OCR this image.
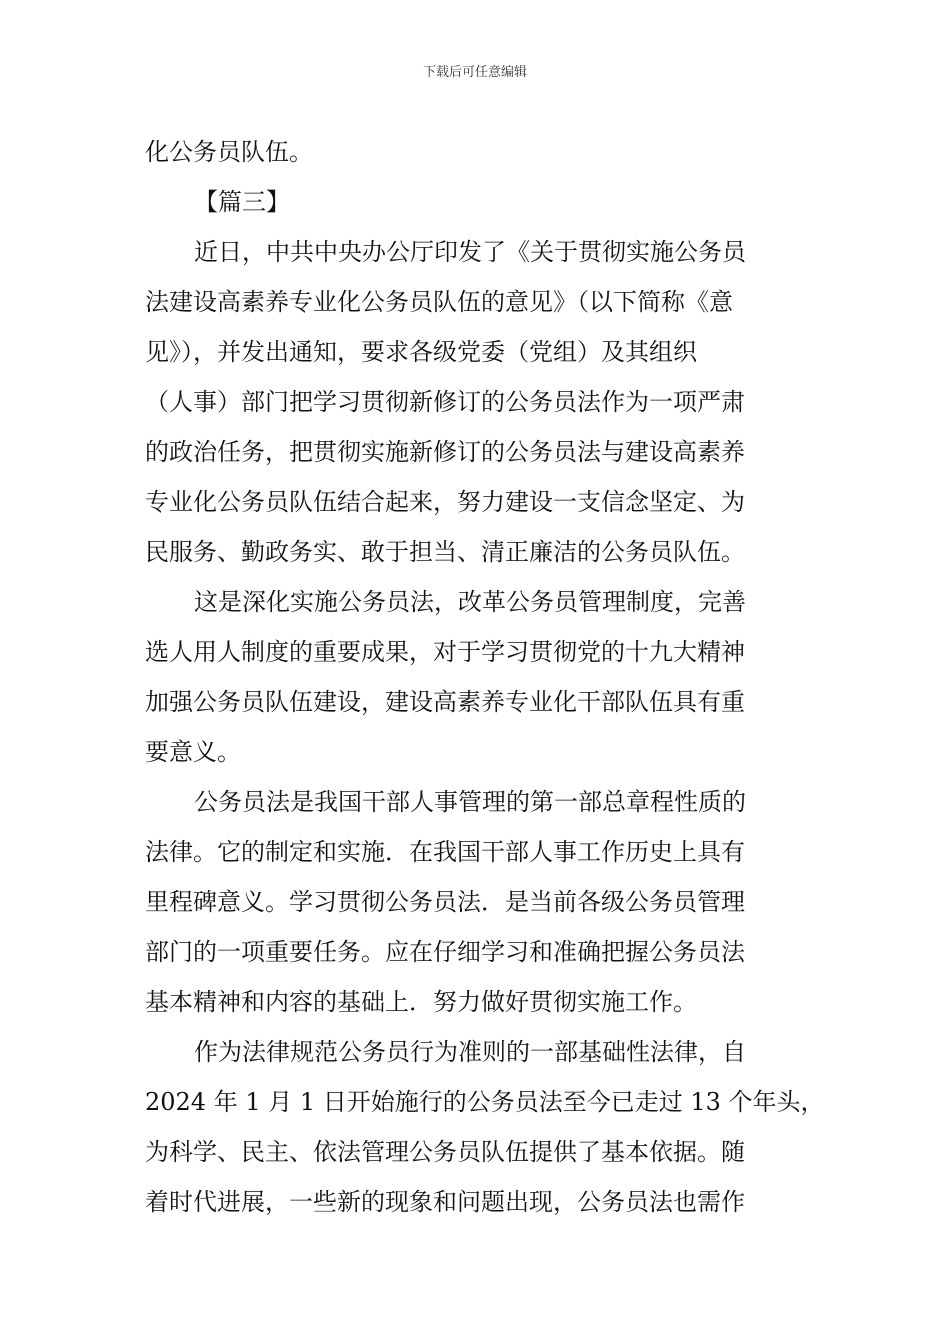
下载后可任意编辑
化公务员队伍。
【篇三】
近日，中共中央办公厅印发了《关于贯彻实施公务员
法建设高素养专业化公务员队伍的意见》（以下简称《意
见》），并发出通知，要求各级党委（党组）及其组织
（人事）部门把学习贯彻新修订的公务员法作为一项严肃
的政治任务，把贯彻实施新修订的公务员法与建设高素养
专业化公务员队伍结合起来，努力建设一支信念坚定、为
民服务、勤政务实、敢于担当、清正廉洁的公务员队伍。
这是深化实施公务员法，改革公务员管理制度，完善
选人用人制度的重要成果，对于学习贯彻党的十九大精神
加强公务员队伍建设，建设高素养专业化干部队伍具有重
要意义。
公务员法是我国干部人事管理的第一部总章程性质的
法律。它的制定和实施．在我国干部人事工作历史上具有
里程碑意义。学习贯彻公务员法．是当前各级公务员管理
部门的一项重要任务。应在仔细学习和准确把握公务员法
基本精神和内容的基础上．努力做好贯彻实施工作。
作为法律规范公务员行为准则的一部基础性法律，自
2024 年 1 月 1 日开始施行的公务员法至今已走过 13 个年头，
为科学、民主、依法管理公务员队伍提供了基本依据。随
着时代进展，一些新的现象和问题出现，公务员法也需作
